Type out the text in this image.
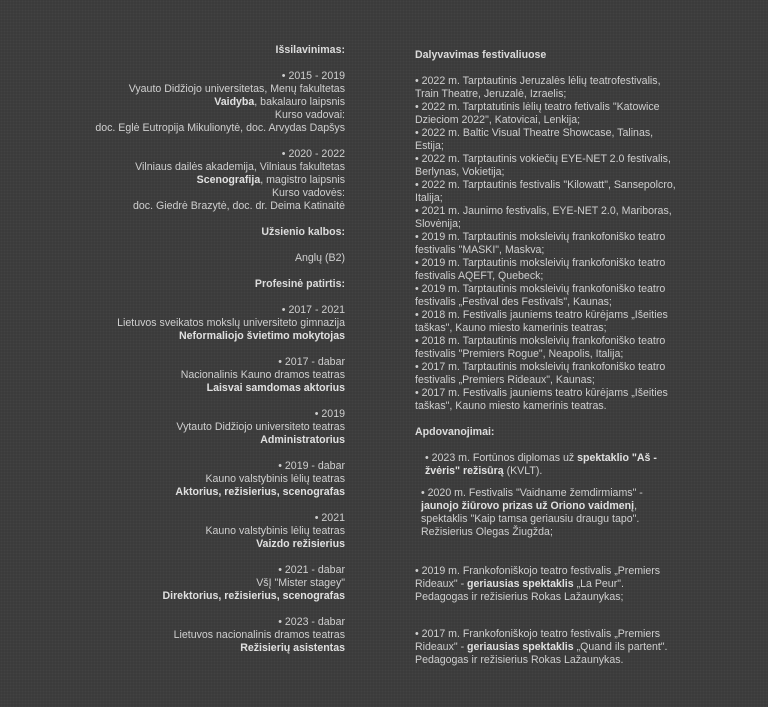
Išsilavinimas:
• 2015 - 2019
Vyauto Didžiojo universitetas, Menų fakultetas
Vaidyba, bakalauro laipsnis
Kurso vadovai:
doc. Eglė Eutropija Mikulionytė, doc. Arvydas Dapšys
• 2020 - 2022
Vilniaus dailės akademija, Vilniaus fakultetas
Scenografija, magistro laipsnis
Kurso vadovės:
doc. Giedrė Brazytė, doc. dr. Deima Katinaitė
Užsienio kalbos:
Anglų (B2)
Profesinė patirtis:
• 2017 - 2021
Lietuvos sveikatos mokslų universiteto gimnazija
Neformaliojo švietimo mokytojas
• 2017 - dabar
Nacionalinis Kauno dramos teatras
Laisvai samdomas aktorius
• 2019
Vytauto Didžiojo universiteto teatras
Administratorius
• 2019 - dabar
Kauno valstybinis lėlių teatras
Aktorius, režisierius, scenografas
• 2021
Kauno valstybinis lėlių teatras
Vaizdo režisierius
• 2021 - dabar
VšĮ "Mister stagey"
Direktorius, režisierius, scenografas
• 2023 - dabar
Lietuvos nacionalinis dramos teatras
Režisierių asistentas
Dalyvavimas festivaliuose
• 2022 m. Tarptautinis Jeruzalės lėlių teatrofestivalis, Train Theatre, Jeruzalė, Izraelis;
• 2022 m. Tarptatutinis lėlių teatro fetivalis "Katowice Dzieciom 2022", Katovicai, Lenkija;
• 2022 m. Baltic Visual Theatre Showcase, Talinas, Estija;
• 2022 m. Tarptautinis vokiečių EYE-NET 2.0 festivalis, Berlynas, Vokietija;
• 2022 m. Tarptautinis festivalis "Kilowatt", Sansepolcro, Italija;
• 2021 m. Jaunimo festivalis, EYE-NET 2.0, Mariboras, Slovėnija;
• 2019 m. Tarptautinis moksleivių frankofoniško teatro festivalis "MASKI", Maskva;
• 2019 m. Tarptautinis moksleivių frankofoniško teatro festivalis AQEFT, Quebeck;
• 2019 m. Tarptautinis moksleivių frankofoniško teatro festivalis „Festival des Festivals", Kaunas;
• 2018 m. Festivalis jauniems teatro kūrėjams „Išeities taškas", Kauno miesto kamerinis teatras;
• 2018 m. Tarptautinis moksleivių frankofoniško teatro festivalis "Premiers Rogue", Neapolis, Italija;
• 2017 m. Tarptautinis moksleivių frankofoniško teatro festivalis „Premiers Rideaux", Kaunas;
• 2017 m. Festivalis jauniems teatro kūrėjams „Išeities taškas", Kauno miesto kamerinis teatras.
Apdovanojimai:
• 2023 m. Fortūnos diplomas už spektaklio "Aš - žvėris" režisūrą (KVLT).
• 2020 m. Festivalis "Vaidname žemdirmiams" - jaunojo žiūrovo prizas už Oriono vaidmenį, spektaklis "Kaip tamsa geriausiu draugu tapo". Režisierius Olegas Žiugžda;
• 2019 m. Frankofoniškojo teatro festivalis „Premiers Rideaux" - geriausias spektaklis „La Peur". Pedagogas ir režisierius Rokas Lažaunykas;
• 2017 m. Frankofoniškojo teatro festivalis „Premiers Rideaux" - geriausias spektaklis „Quand ils partent". Pedagogas ir režisierius Rokas Lažaunykas.
